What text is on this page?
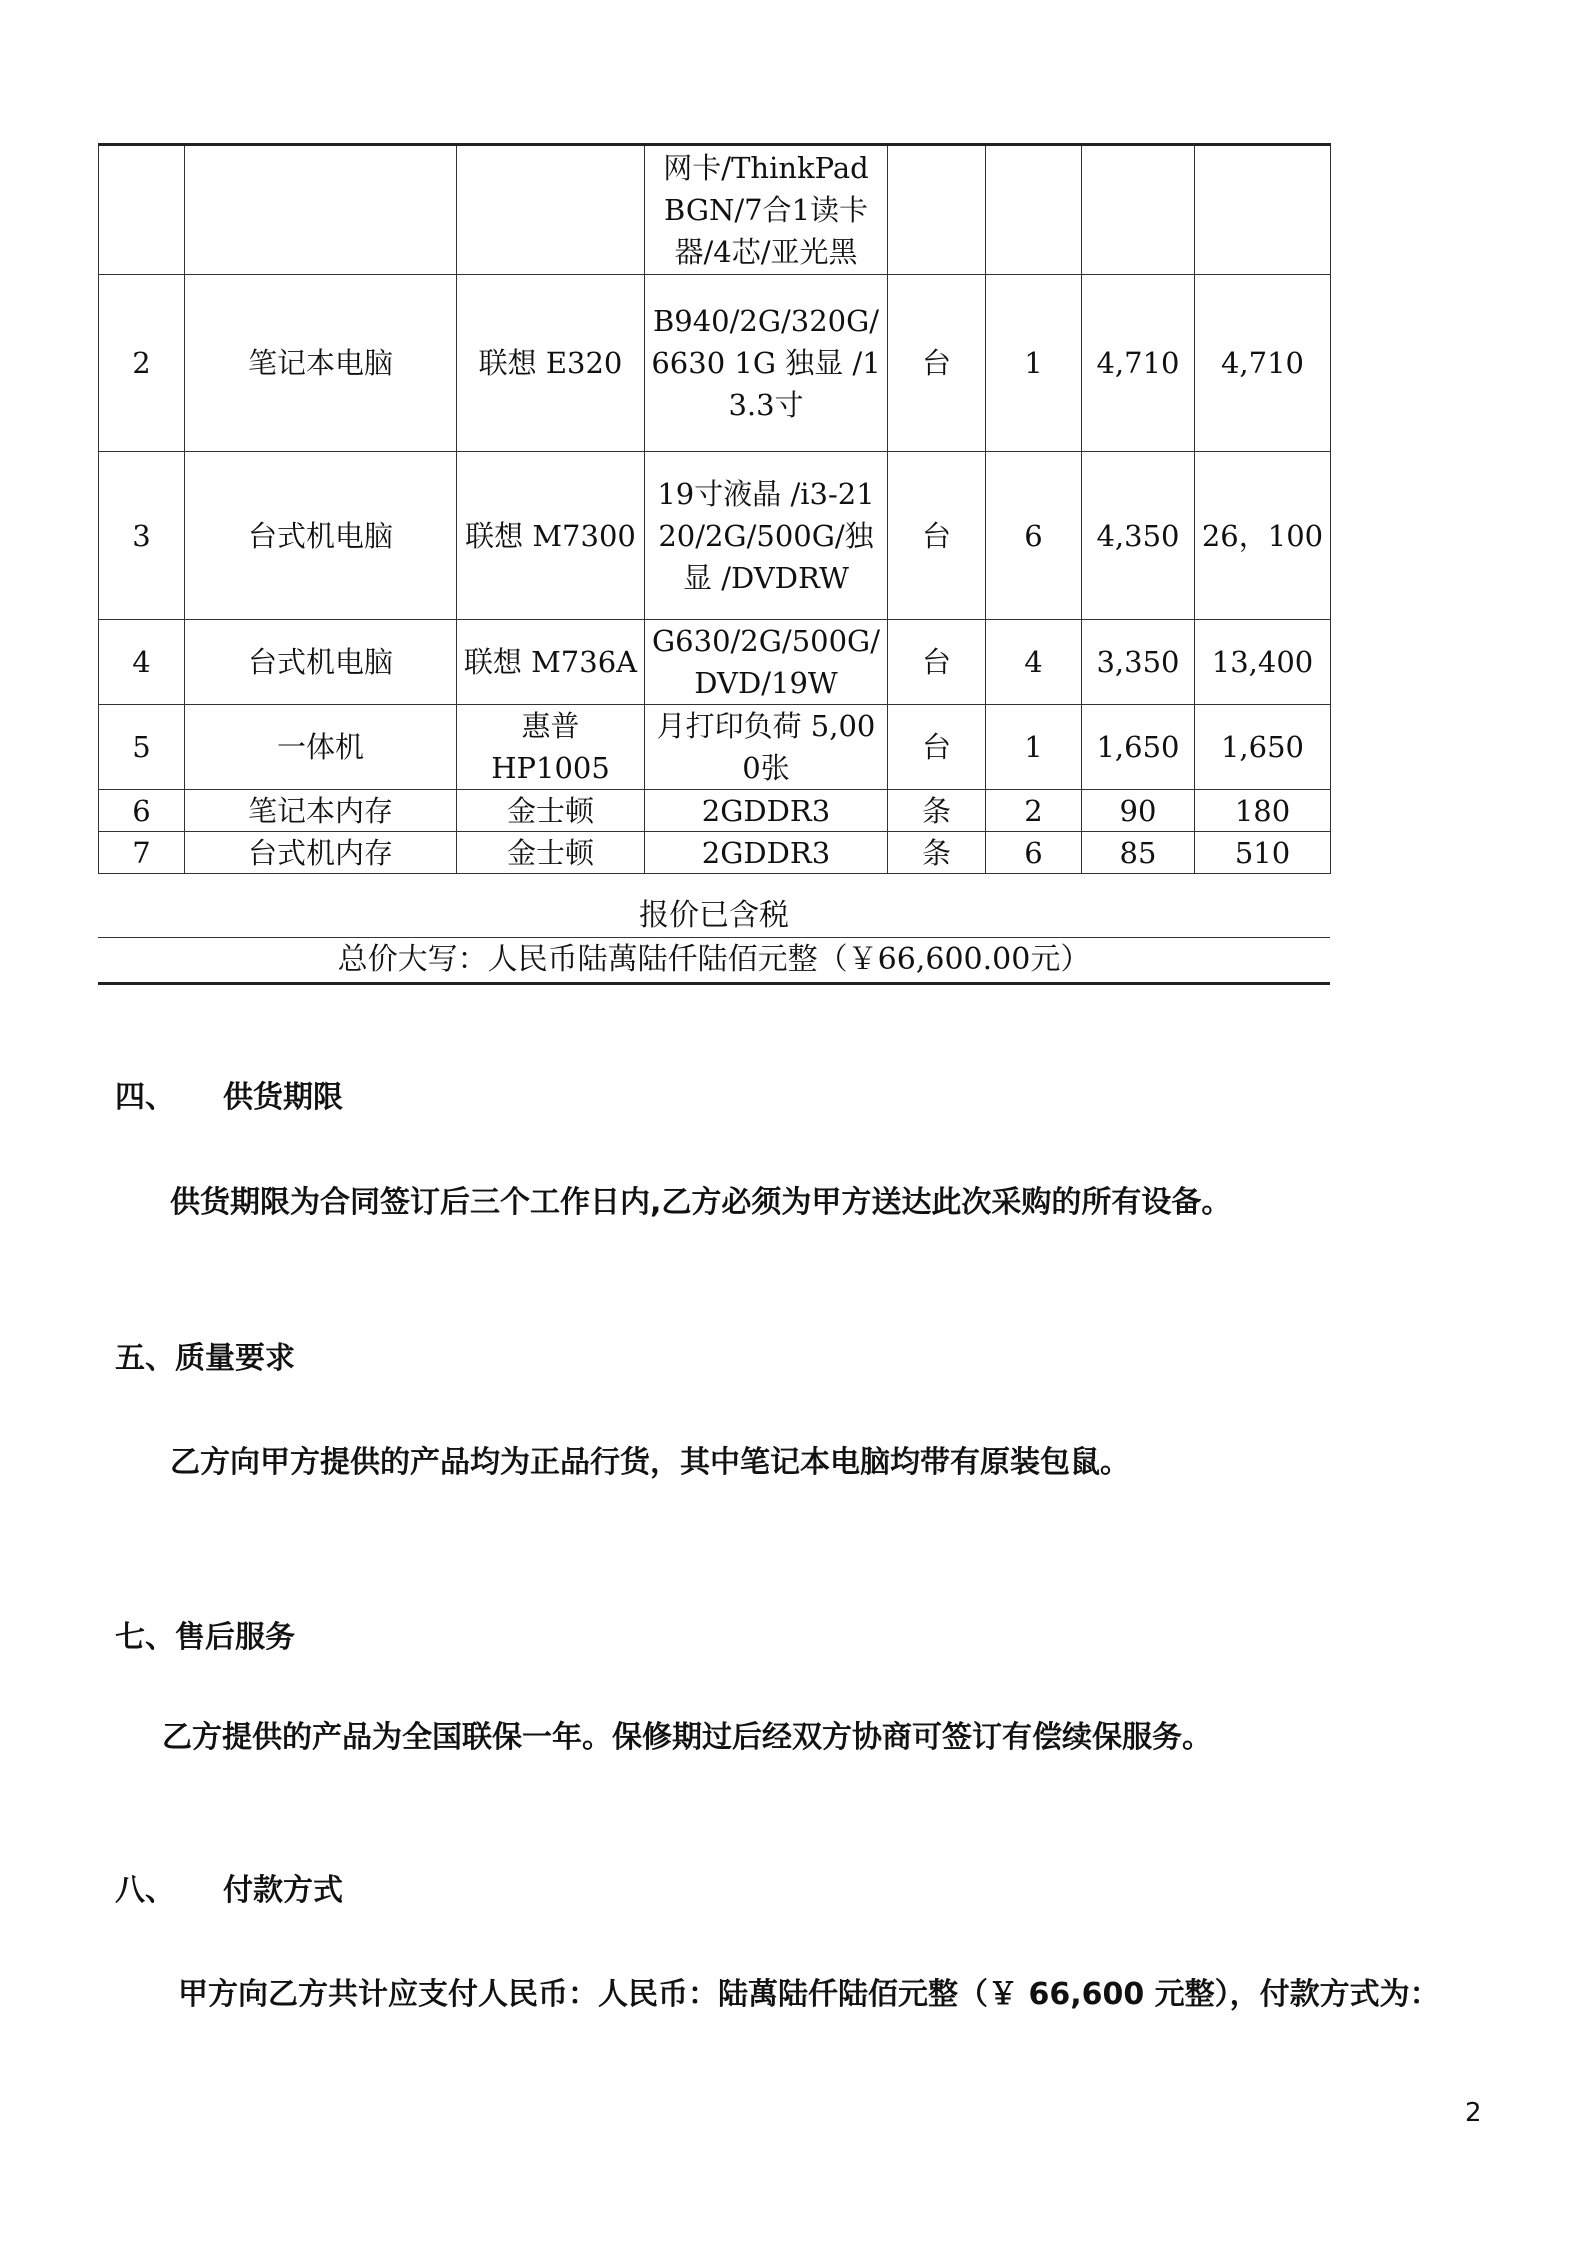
			网卡/ThinkPad BGN/7合1读卡器/4芯/亚光黑				
2	笔记本电脑	联想 E320	B940/2G/320G/ 6630 1G 独显 /13.3寸	台	1	4,710	4,710
3	台式机电脑	联想 M7300	19寸液晶 /i3-2120/2G/500G/独显 /DVDRW	台	6	4,350	26，100
4	台式机电脑	联想 M736A	G630/2G/500G/ DVD/19W	台	4	3,350	13,400
5	一体机	惠普 HP1005	月打印负荷 5,000张	台	1	1,650	1,650
6	笔记本内存	金士顿	2GDDR3	条	2	90	180
7	台式机内存	金士顿	2GDDR3	条	6	85	510
报价已含税
总价大写：人民币陆萬陆仟陆佰元整（￥66,600.00元）
四、 供货期限
供货期限为合同签订后三个工作日内,乙方必须为甲方送达此次采购的所有设备。
五、质量要求
乙方向甲方提供的产品均为正品行货，其中笔记本电脑均带有原装包鼠。
七、售后服务
乙方提供的产品为全国联保一年。保修期过后经双方协商可签订有偿续保服务。
八、 付款方式
甲方向乙方共计应支付人民币：人民币：陆萬陆仟陆佰元整（￥ 66,600 元整），付款方式为：
2
